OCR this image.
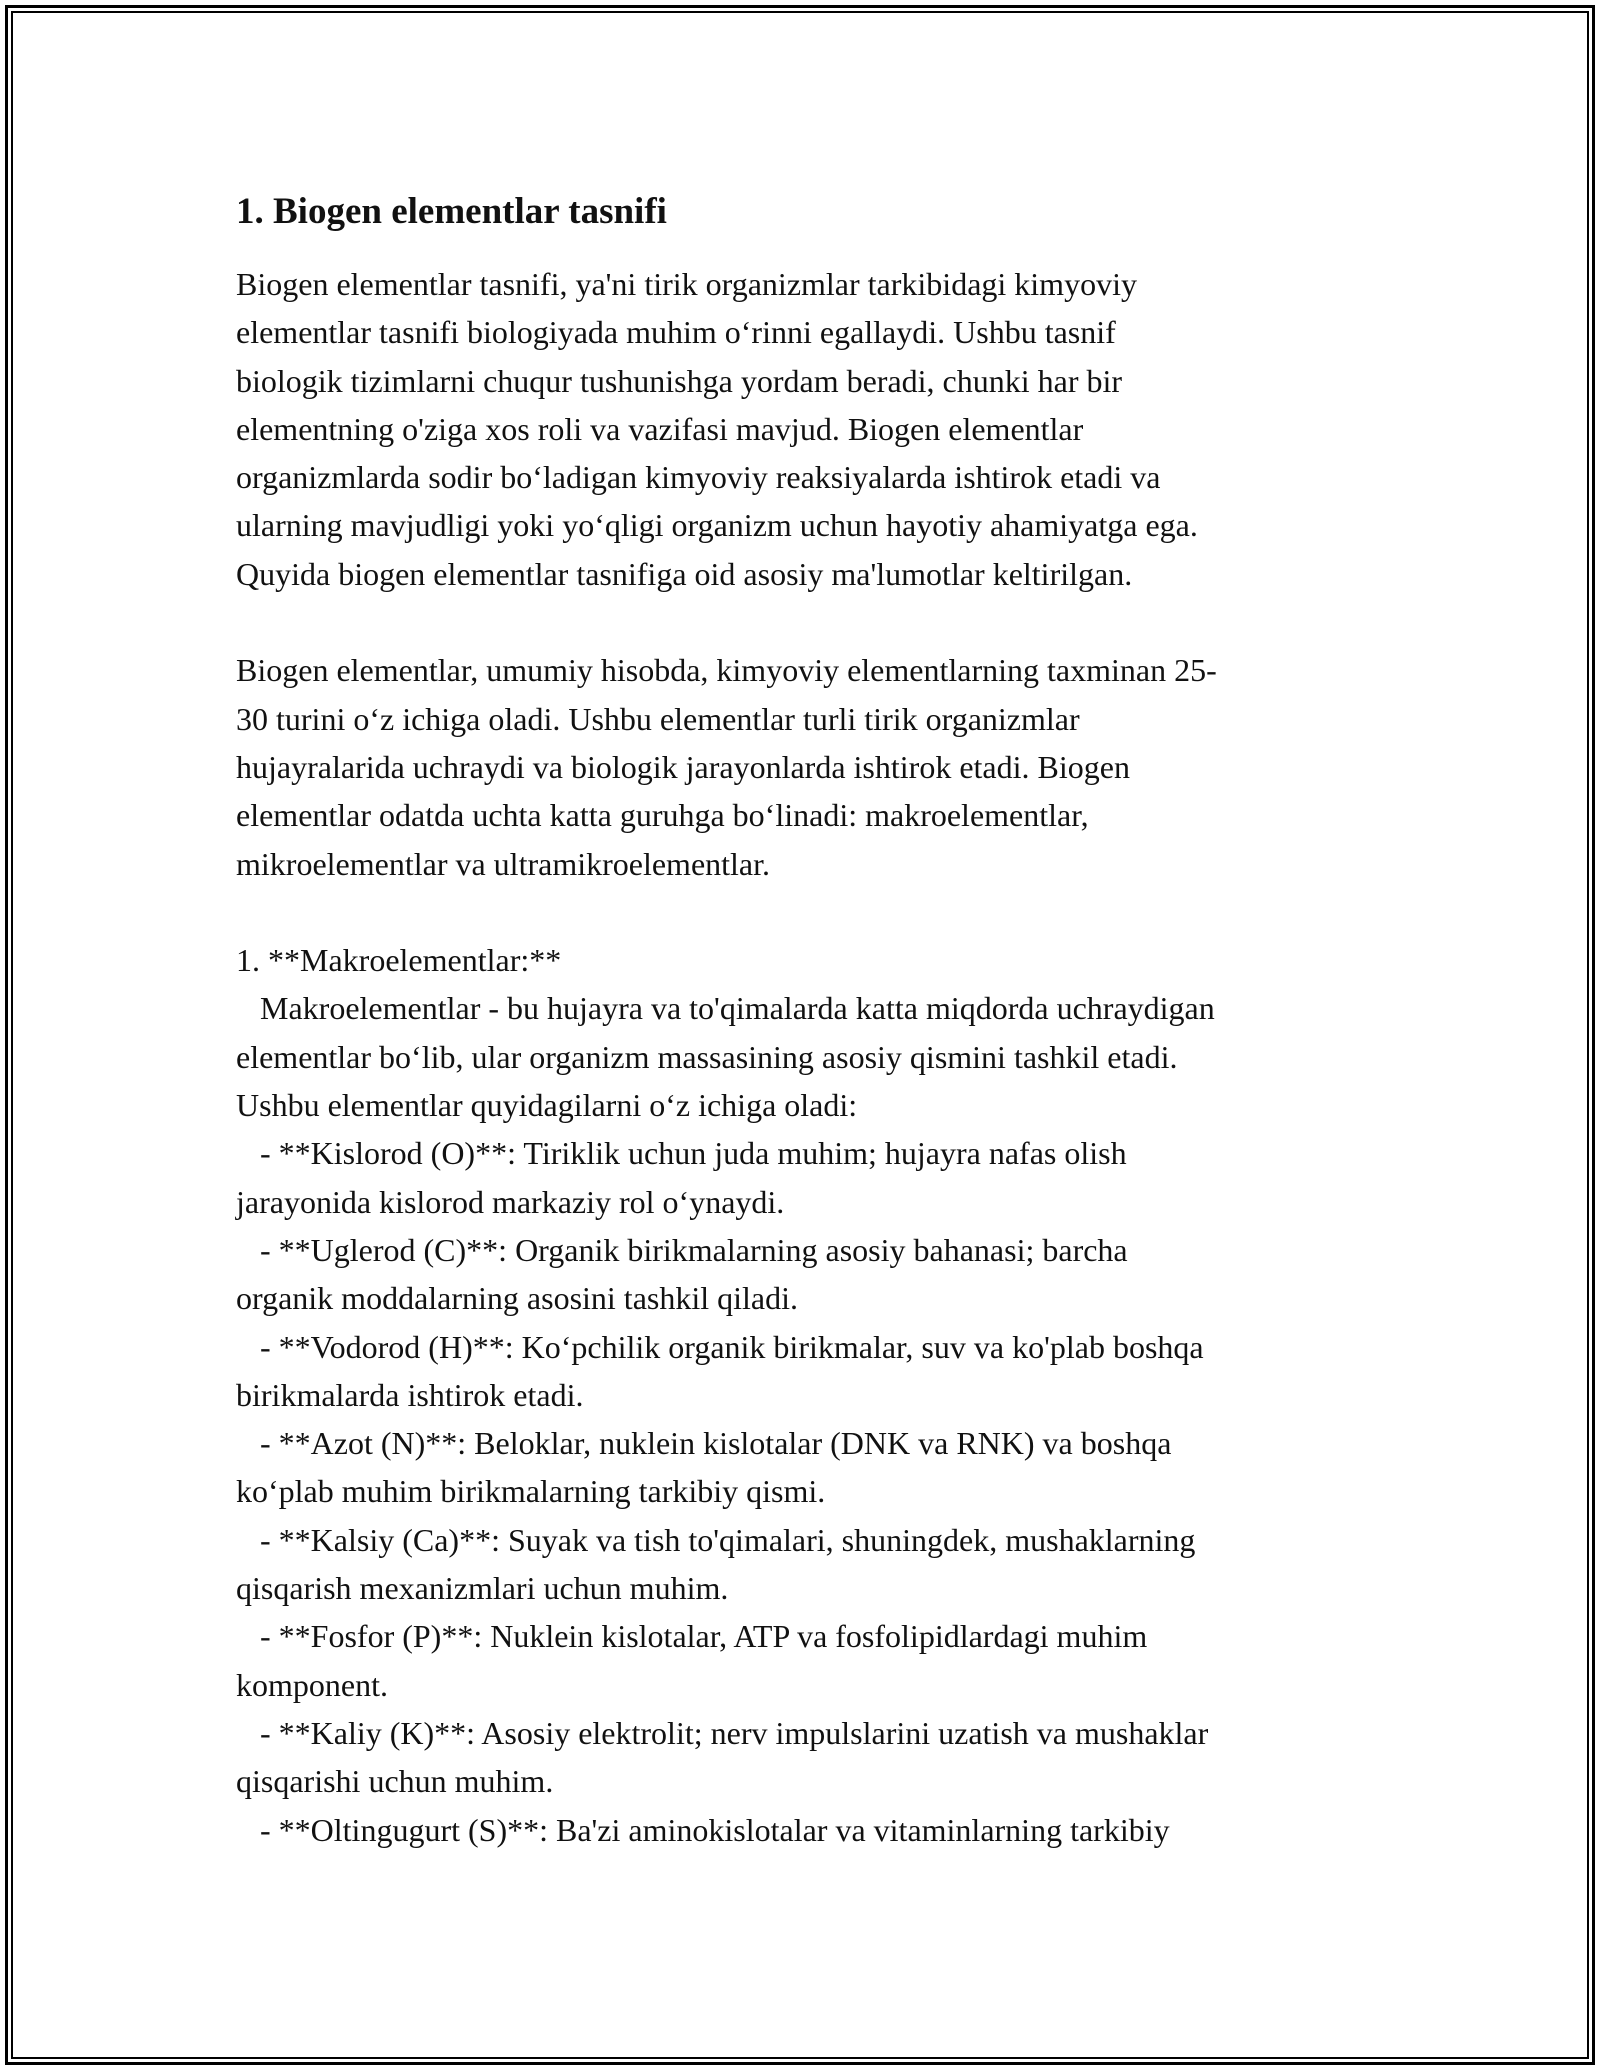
1. Biogen elementlar tasnifi
Biogen elementlar tasnifi, ya'ni tirik organizmlar tarkibidagi kimyoviy
elementlar tasnifi biologiyada muhim o‘rinni egallaydi. Ushbu tasnif
biologik tizimlarni chuqur tushunishga yordam beradi, chunki har bir
elementning o'ziga xos roli va vazifasi mavjud. Biogen elementlar
organizmlarda sodir bo‘ladigan kimyoviy reaksiyalarda ishtirok etadi va
ularning mavjudligi yoki yo‘qligi organizm uchun hayotiy ahamiyatga ega.
Quyida biogen elementlar tasnifiga oid asosiy ma'lumotlar keltirilgan.
Biogen elementlar, umumiy hisobda, kimyoviy elementlarning taxminan 25-
30 turini o‘z ichiga oladi. Ushbu elementlar turli tirik organizmlar
hujayralarida uchraydi va biologik jarayonlarda ishtirok etadi. Biogen
elementlar odatda uchta katta guruhga bo‘linadi: makroelementlar,
mikroelementlar va ultramikroelementlar.
1. **Makroelementlar:**
Makroelementlar - bu hujayra va to'qimalarda katta miqdorda uchraydigan
elementlar bo‘lib, ular organizm massasining asosiy qismini tashkil etadi.
Ushbu elementlar quyidagilarni o‘z ichiga oladi:
- **Kislorod (O)**: Tiriklik uchun juda muhim; hujayra nafas olish
jarayonida kislorod markaziy rol o‘ynaydi.
- **Uglerod (C)**: Organik birikmalarning asosiy bahanasi; barcha
organik moddalarning asosini tashkil qiladi.
- **Vodorod (H)**: Ko‘pchilik organik birikmalar, suv va ko'plab boshqa
birikmalarda ishtirok etadi.
- **Azot (N)**: Beloklar, nuklein kislotalar (DNK va RNK) va boshqa
ko‘plab muhim birikmalarning tarkibiy qismi.
- **Kalsiy (Ca)**: Suyak va tish to'qimalari, shuningdek, mushaklarning
qisqarish mexanizmlari uchun muhim.
- **Fosfor (P)**: Nuklein kislotalar, ATP va fosfolipidlardagi muhim
komponent.
- **Kaliy (K)**: Asosiy elektrolit; nerv impulslarini uzatish va mushaklar
qisqarishi uchun muhim.
- **Oltingugurt (S)**: Ba'zi aminokislotalar va vitaminlarning tarkibiy
